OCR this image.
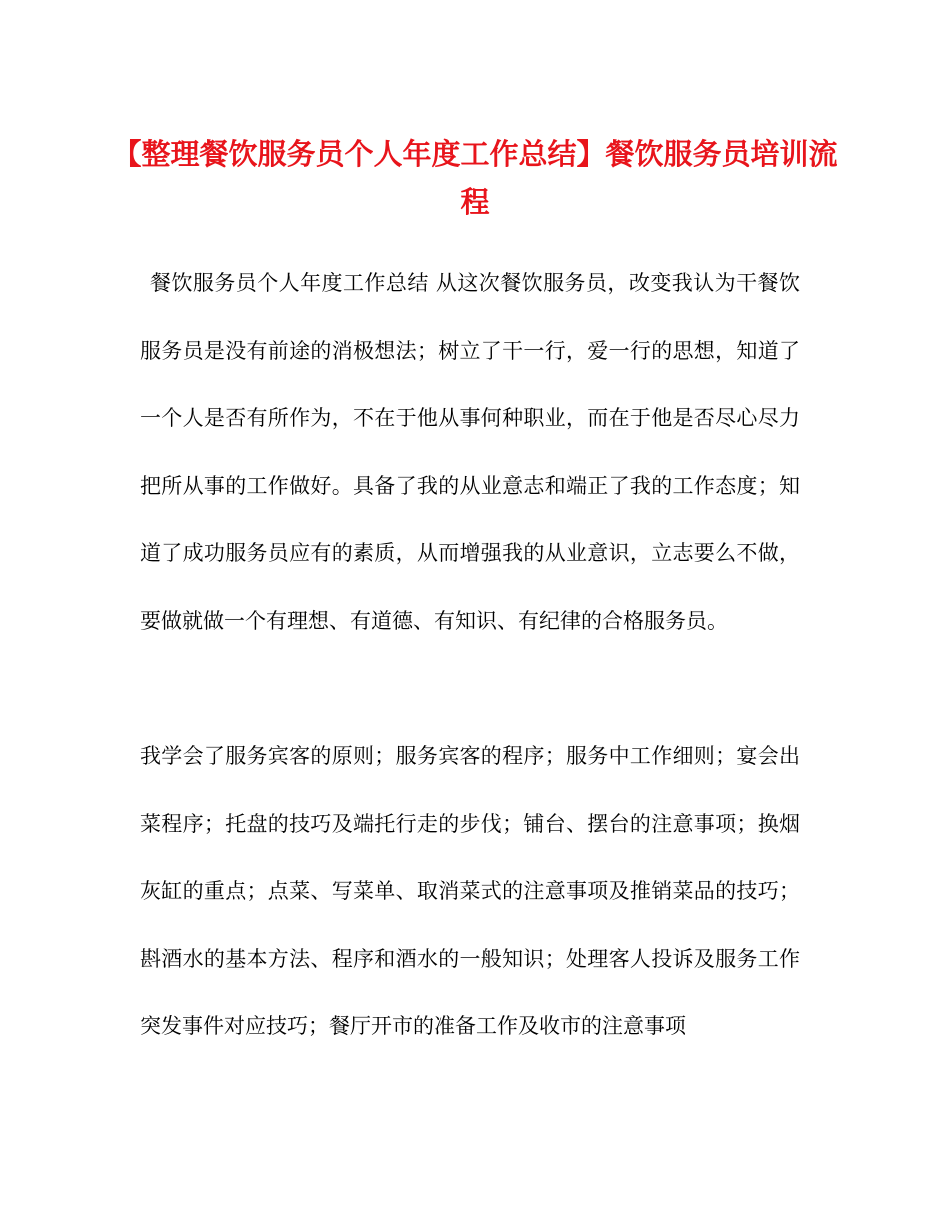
【整理餐饮服务员个人年度工作总结】餐饮服务员培训流程

餐饮服务员个人年度工作总结 从这次餐饮服务员，改变我认为干餐饮服务员是没有前途的消极想法；树立了干一行，爱一行的思想，知道了一个人是否有所作为，不在于他从事何种职业，而在于他是否尽心尽力把所从事的工作做好。具备了我的从业意志和端正了我的工作态度；知道了成功服务员应有的素质，从而增强我的从业意识，立志要么不做，要做就做一个有理想、有道德、有知识、有纪律的合格服务员。

我学会了服务宾客的原则；服务宾客的程序；服务中工作细则；宴会出菜程序；托盘的技巧及端托行走的步伐；铺台、摆台的注意事项；换烟灰缸的重点；点菜、写菜单、取消菜式的注意事项及推销菜品的技巧；斟酒水的基本方法、程序和酒水的一般知识；处理客人投诉及服务工作突发事件对应技巧；餐厅开市的准备工作及收市的注意事项
